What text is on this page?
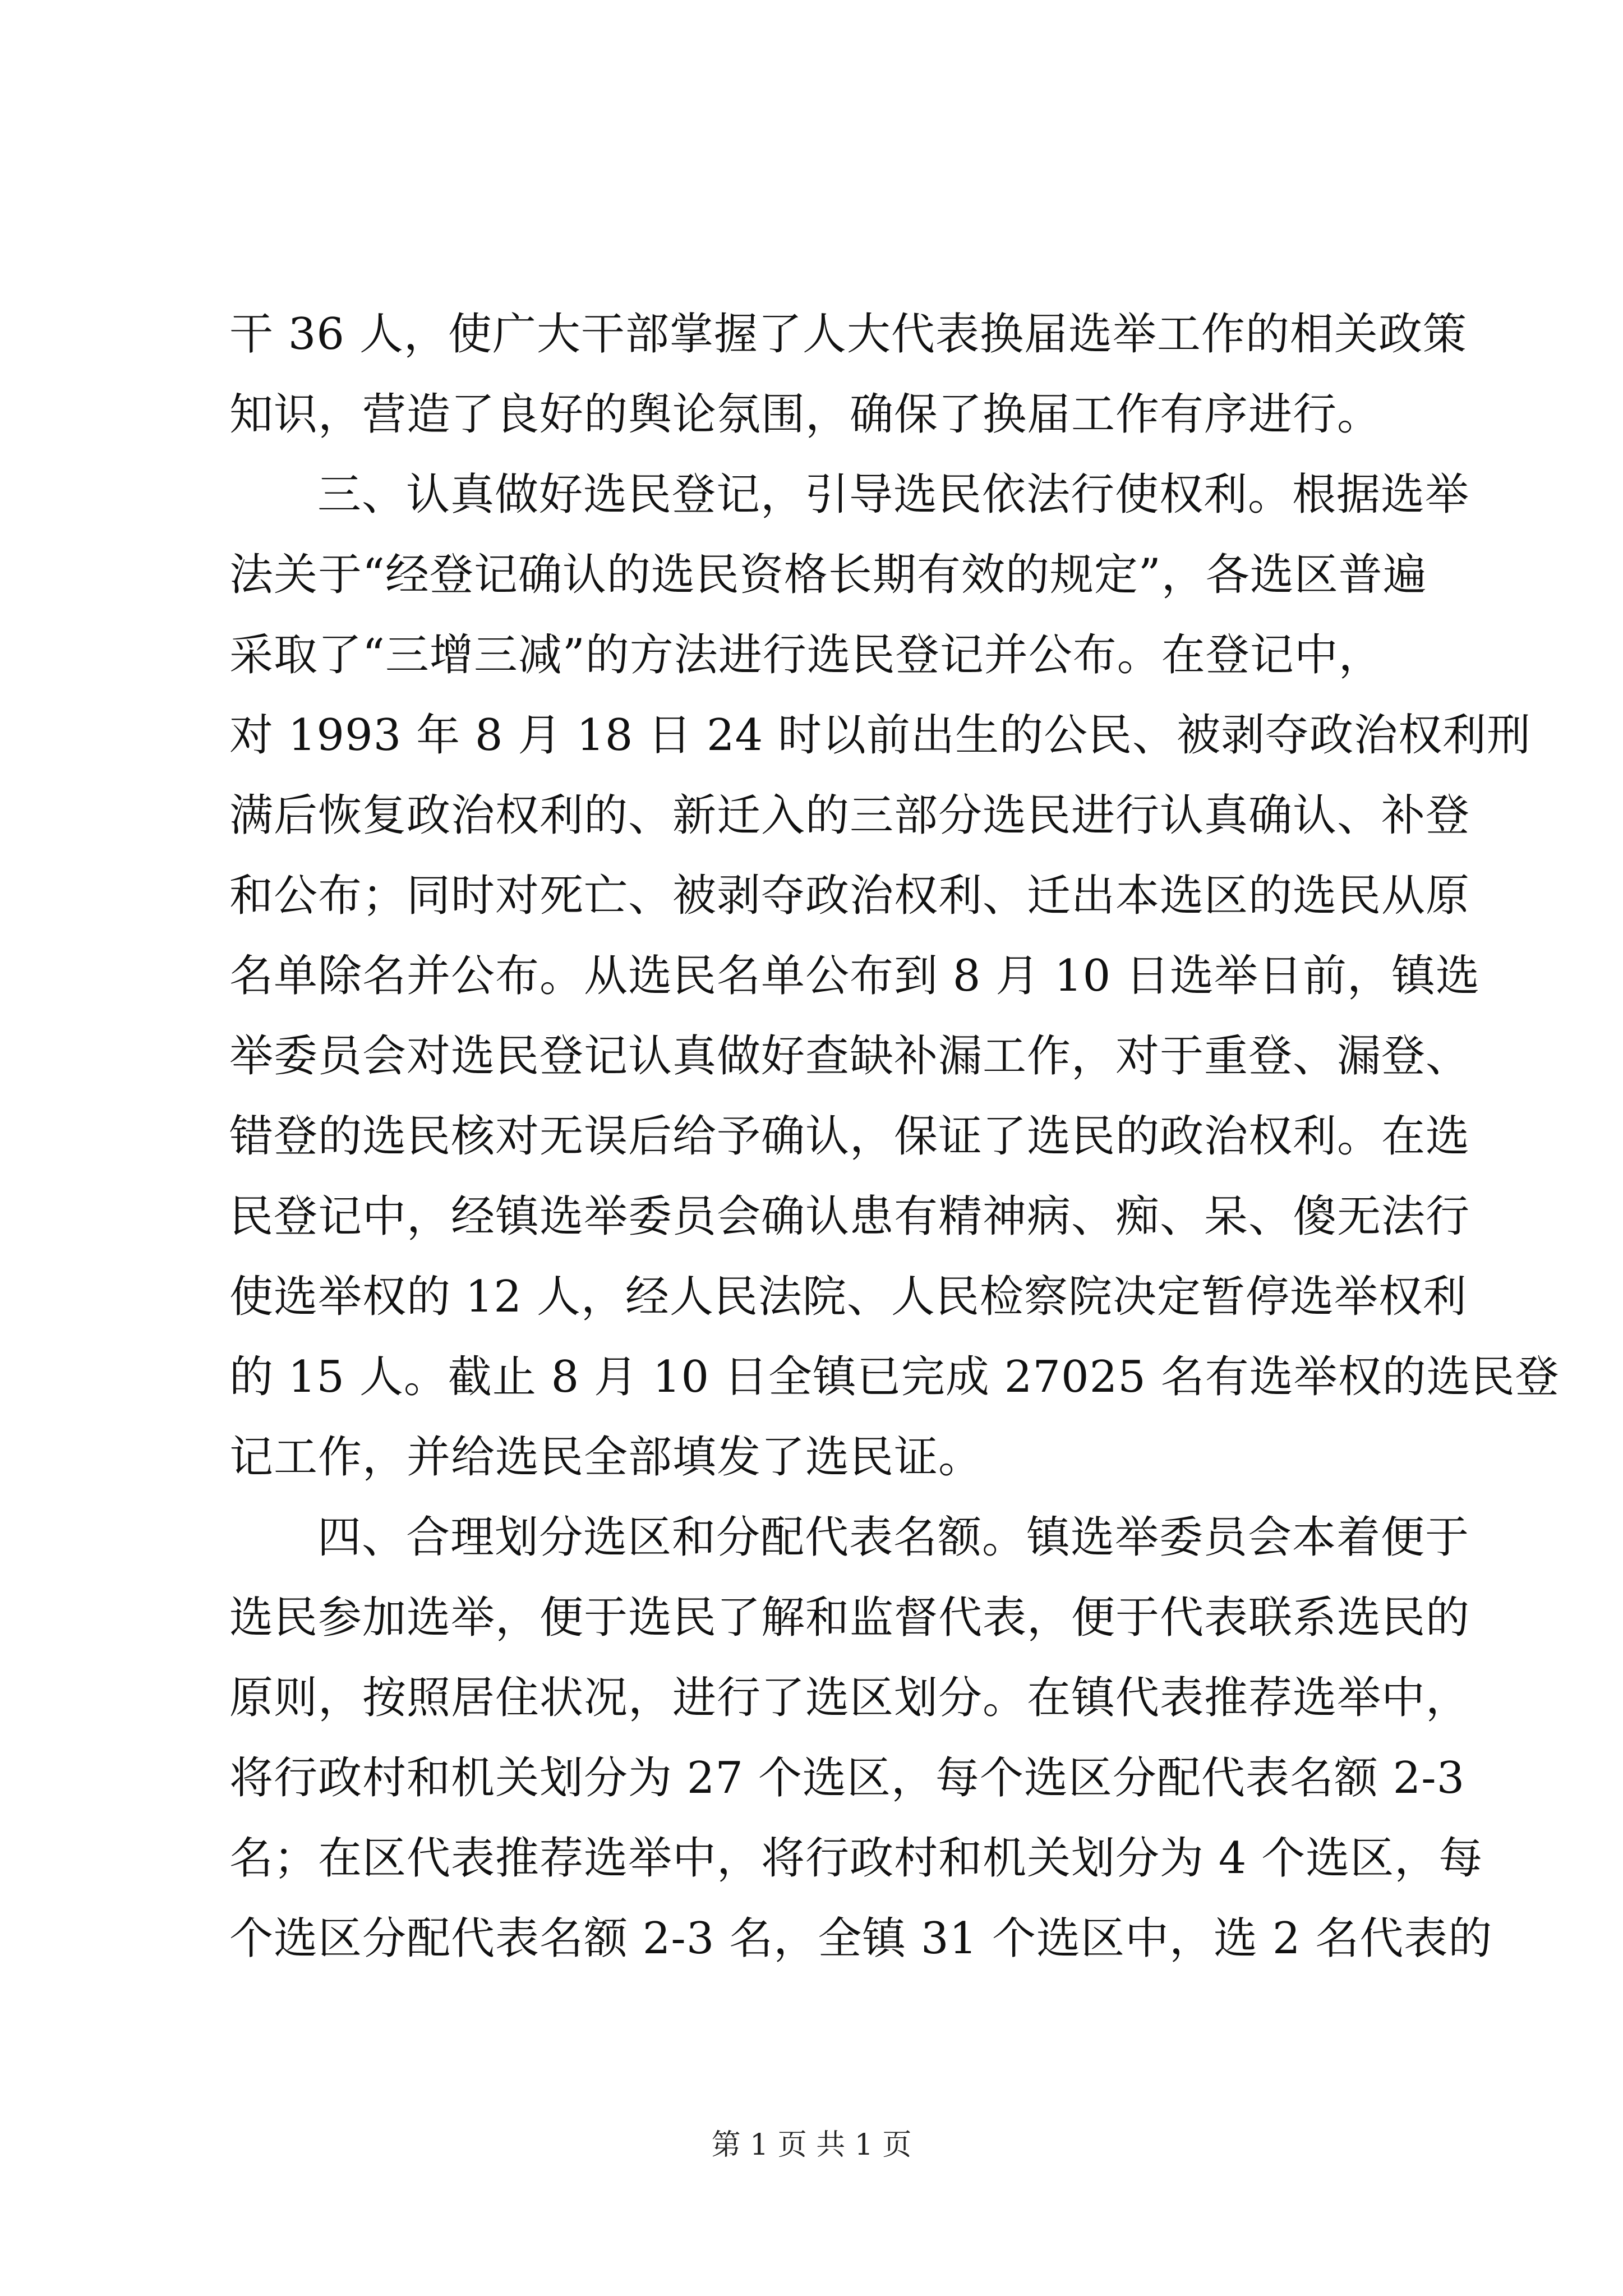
干 36 人，使广大干部掌握了人大代表换届选举工作的相关政策
知识，营造了良好的舆论氛围，确保了换届工作有序进行。
三、认真做好选民登记，引导选民依法行使权利。根据选举
法关于“经登记确认的选民资格长期有效的规定”，各选区普遍
采取了“三增三减”的方法进行选民登记并公布。在登记中，
对 1993 年 8 月 18 日 24 时以前出生的公民、被剥夺政治权利刑
满后恢复政治权利的、新迁入的三部分选民进行认真确认、补登
和公布；同时对死亡、被剥夺政治权利、迁出本选区的选民从原
名单除名并公布。从选民名单公布到 8 月 10 日选举日前，镇选
举委员会对选民登记认真做好查缺补漏工作，对于重登、漏登、
错登的选民核对无误后给予确认，保证了选民的政治权利。在选
民登记中，经镇选举委员会确认患有精神病、痴、呆、傻无法行
使选举权的 12 人，经人民法院、人民检察院决定暂停选举权利
的 15 人。截止 8 月 10 日全镇已完成 27025 名有选举权的选民登
记工作，并给选民全部填发了选民证。
四、合理划分选区和分配代表名额。镇选举委员会本着便于
选民参加选举，便于选民了解和监督代表，便于代表联系选民的
原则，按照居住状况，进行了选区划分。在镇代表推荐选举中，
将行政村和机关划分为 27 个选区，每个选区分配代表名额 2-3
名；在区代表推荐选举中，将行政村和机关划分为 4 个选区，每
个选区分配代表名额 2-3 名，全镇 31 个选区中，选 2 名代表的
第 1 页 共 1 页
